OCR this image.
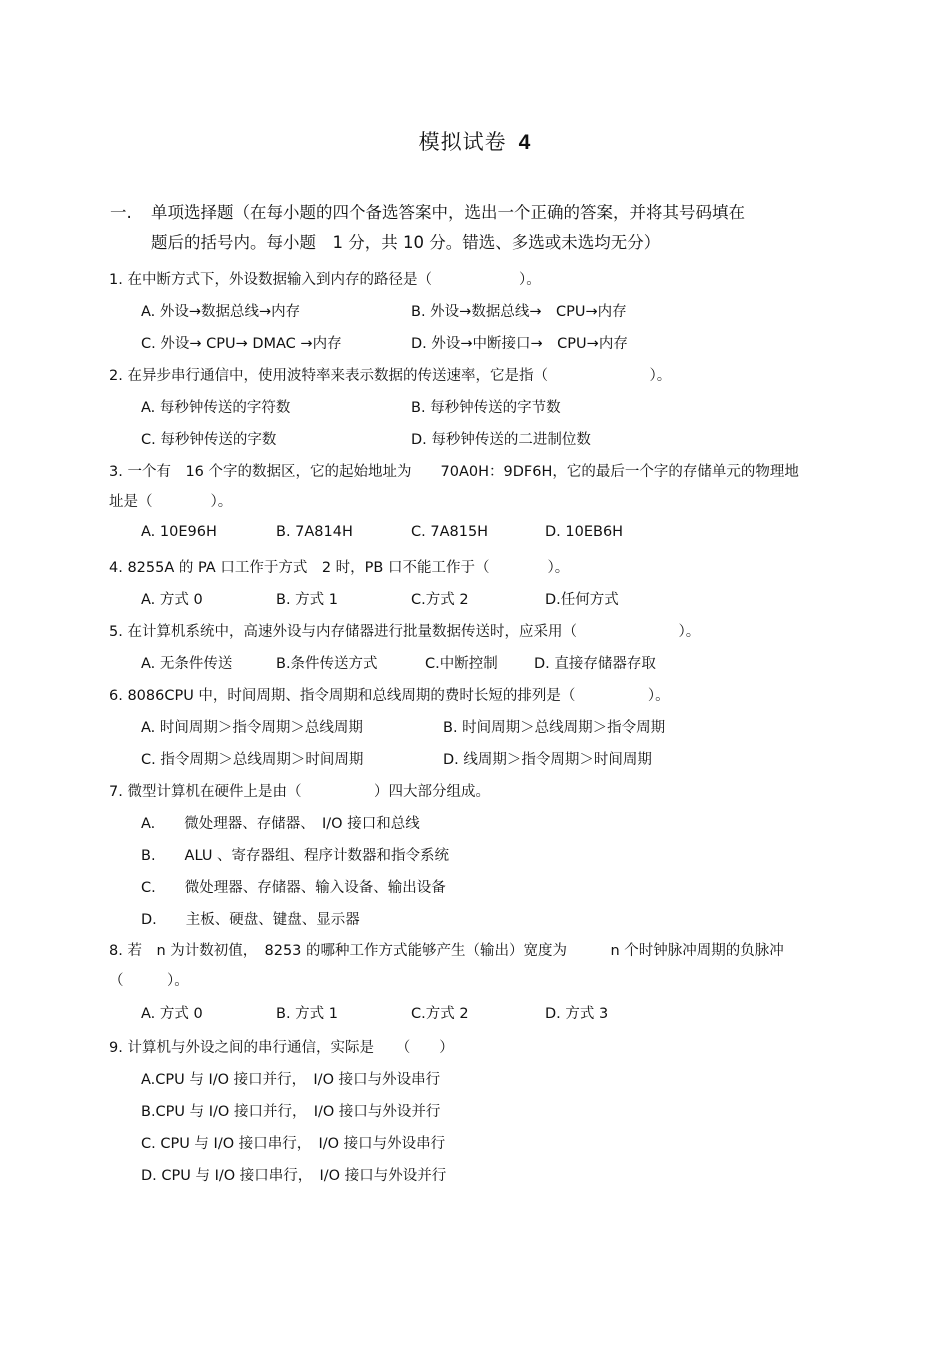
模拟试卷 4
一. 单项选择题（在每小题的四个备选答案中，选出一个正确的答案，并将其号码填在
题后的括号内。每小题　1 分，共 10 分。错选、多选或未选均无分）
1. 在中断方式下，外设数据输入到内存的路径是（　　　　　　）。
A. 外设→数据总线→内存	B. 外设→数据总线→　CPU→内存
C. 外设→ CPU→ DMAC →内存	D. 外设→中断接口→　CPU→内存
2. 在异步串行通信中，使用波特率来表示数据的传送速率，它是指（　　　　　　　）。
A. 每秒钟传送的字符数	B. 每秒钟传送的字节数
C. 每秒钟传送的字数	D. 每秒钟传送的二进制位数
3. 一个有　16 个字的数据区，它的起始地址为　　70A0H：9DF6H，它的最后一个字的存储单元的物理地
址是（　　　　）。
A. 10E96H	B. 7A814H	C. 7A815H	D. 10EB6H
4. 8255A 的 PA 口工作于方式　2 时，PB 口不能工作于（　　　　）。
A. 方式 0	B. 方式 1	C.方式 2	D.任何方式
5. 在计算机系统中，高速外设与内存储器进行批量数据传送时，应采用（　　　　　　　）。
A. 无条件传送	B.条件传送方式	C.中断控制	D. 直接存储器存取
6. 8086CPU 中，时间周期、指令周期和总线周期的费时长短的排列是（　　　　　）。
A. 时间周期＞指令周期＞总线周期	B. 时间周期＞总线周期＞指令周期
C. 指令周期＞总线周期＞时间周期	D. 线周期＞指令周期＞时间周期
7. 微型计算机在硬件上是由（　　　　　）四大部分组成。
A.　　微处理器、存储器、　I/O 接口和总线
B.　　ALU 、寄存器组、程序计数器和指令系统
C.　　微处理器、存储器、输入设备、输出设备
D.　　主板、硬盘、键盘、显示器
8. 若　n 为计数初值，　8253 的哪种工作方式能够产生（输出）宽度为　　　n 个时钟脉冲周期的负脉冲
（　　　）。
A. 方式 0	B. 方式 1	C.方式 2	D. 方式 3
9. 计算机与外设之间的串行通信，实际是　　（　　）
A.CPU 与 I/O 接口并行，　I/O 接口与外设串行
B.CPU 与 I/O 接口并行，　I/O 接口与外设并行
C. CPU 与 I/O 接口串行，　I/O 接口与外设串行
D. CPU 与 I/O 接口串行，　I/O 接口与外设并行
